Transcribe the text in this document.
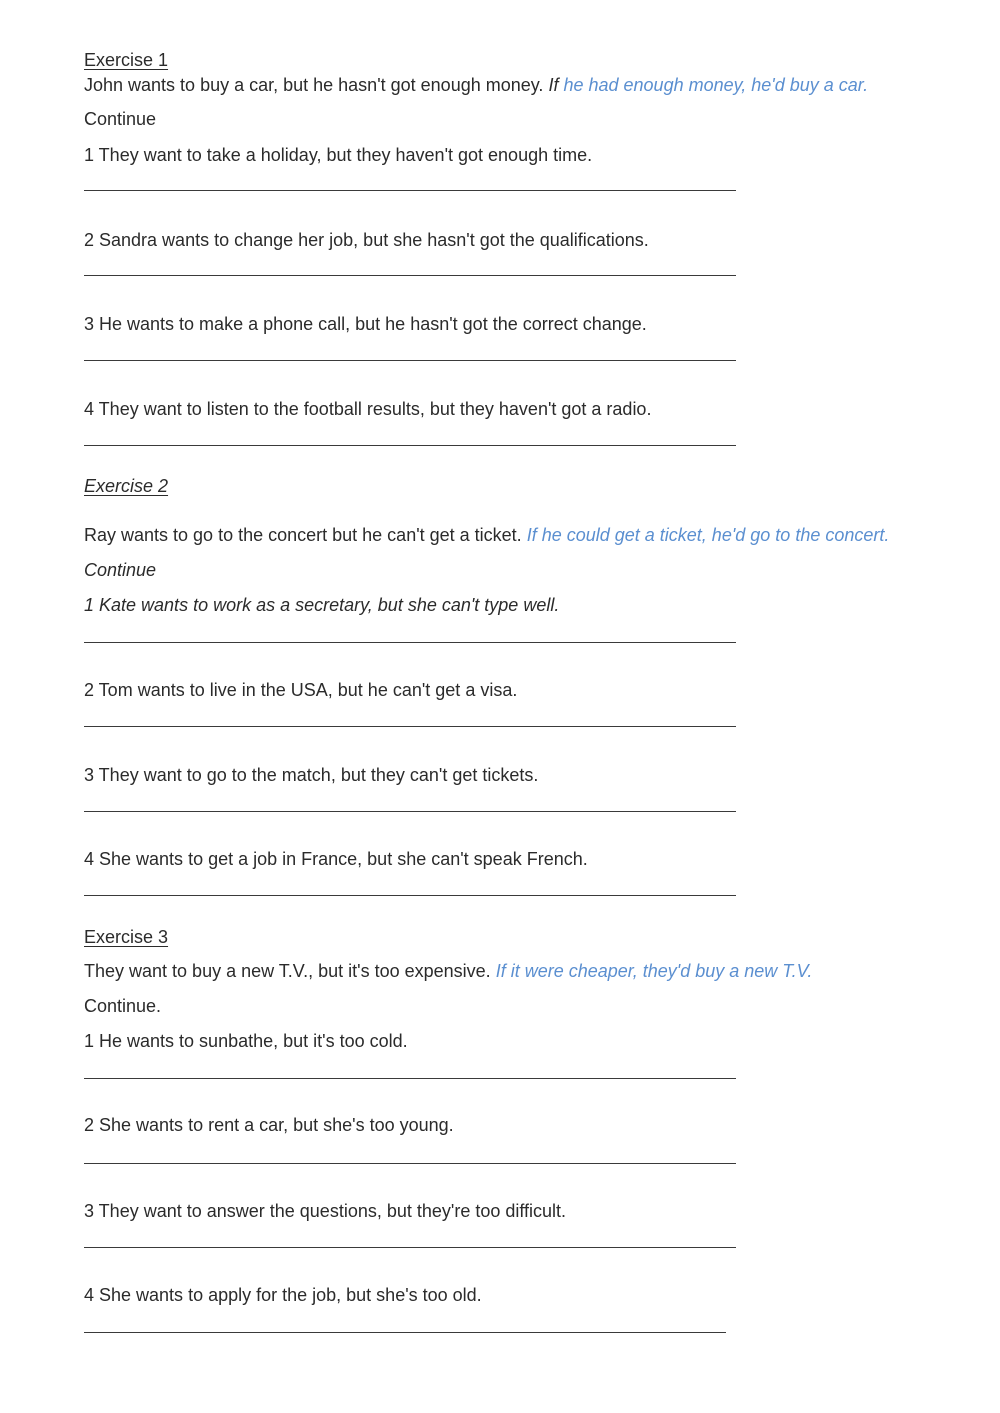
Exercise 1
John wants to buy a car, but he hasn't got enough money. If he had enough money, he'd buy a car.
Continue
1 They want to take a holiday, but they haven't got enough time.
2 Sandra wants to change her job, but she hasn't got the qualifications.
3 He wants to make a phone call, but he hasn't got the correct change.
4 They want to listen to the football results, but they haven't got a radio.
Exercise 2
Ray wants to go to the concert but he can't get a ticket. If he could get a ticket, he'd go to the concert.
Continue
1 Kate wants to work as a secretary, but she can't type well.
2 Tom wants to live in the USA, but he can't get a visa.
3 They want to go to the match, but they can't get tickets.
4 She wants to get a job in France, but she can't speak French.
Exercise 3
They want to buy a new T.V., but it's too expensive. If it were cheaper, they'd buy a new T.V.
Continue.
1 He wants to sunbathe, but it's too cold.
2 She wants to rent a car, but she's too young.
3 They want to answer the questions, but they're too difficult.
4 She wants to apply for the job, but she's too old.
